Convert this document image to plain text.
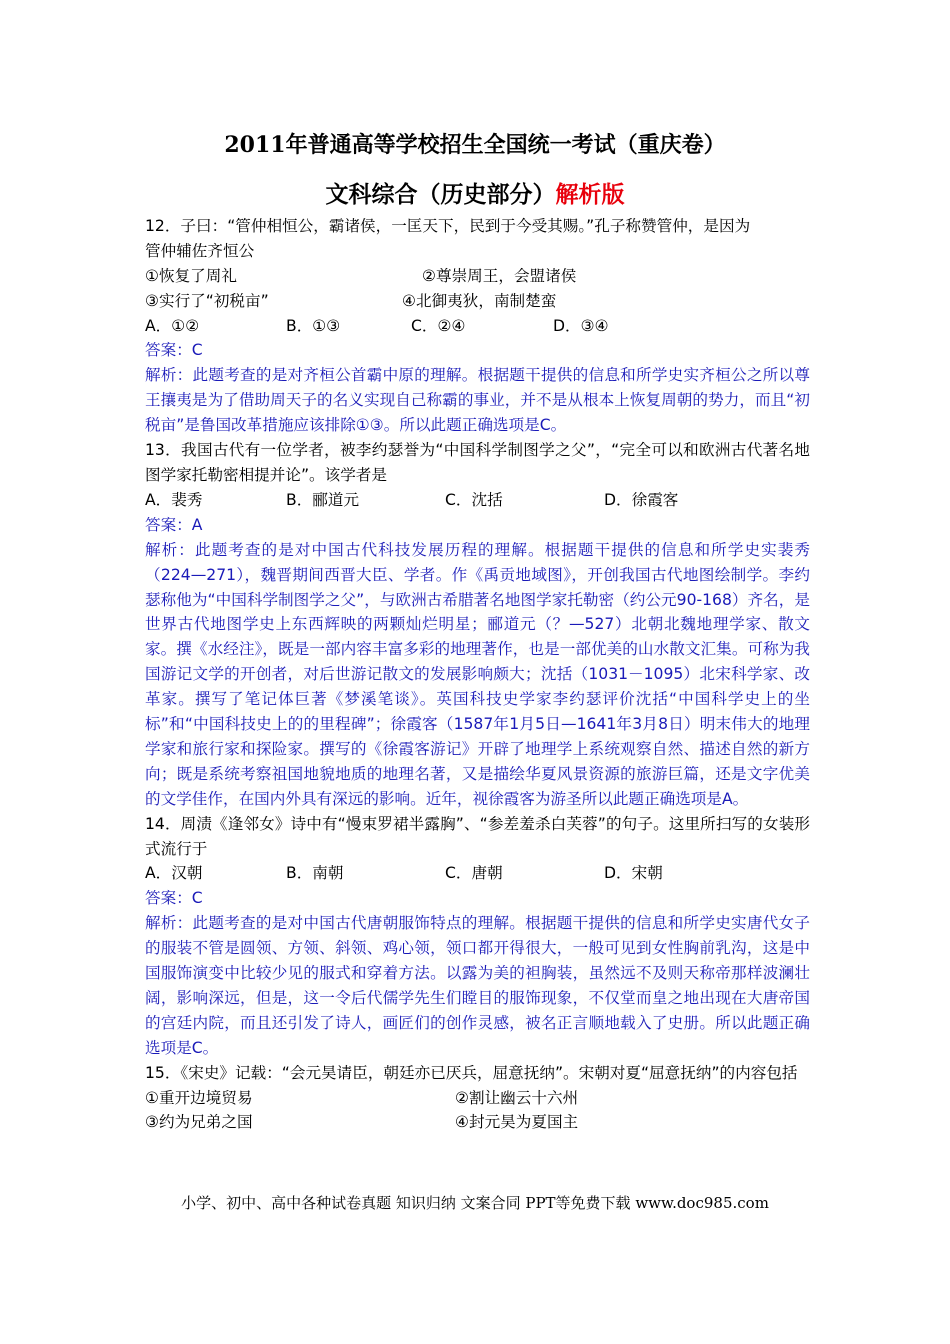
2011年普通高等学校招生全国统一考试（重庆卷）
文科综合（历史部分）解析版
12．子曰：“管仲相恒公，霸诸侯，一匡天下，民到于今受其赐。”孔子称赞管仲，是因为
管仲辅佐齐恒公
①恢复了周礼	②尊崇周王，会盟诸侯
③实行了“初税亩”	④北御夷狄，南制楚蛮
A．①②	B．①③	C．②④	D．③④
答案：C
解析：此题考查的是对齐桓公首霸中原的理解。根据题干提供的信息和所学史实齐桓公之所以尊王攘夷是为了借助周天子的名义实现自己称霸的事业，并不是从根本上恢复周朝的势力，而且“初税亩”是鲁国改革措施应该排除①③。所以此题正确选项是C。
13．我国古代有一位学者，被李约瑟誉为“中国科学制图学之父”，“完全可以和欧洲古代著名地图学家托勒密相提并论”。该学者是
A．裴秀	B．郦道元	C．沈括	D．徐霞客
答案：A
解析：此题考查的是对中国古代科技发展历程的理解。根据题干提供的信息和所学史实裴秀（224—271），魏晋期间西晋大臣、学者。作《禹贡地域图》，开创我国古代地图绘制学。李约瑟称他为“中国科学制图学之父”，与欧洲古希腊著名地图学家托勒密（约公元90-168）齐名，是世界古代地图学史上东西辉映的两颗灿烂明星；郦道元（？—527）北朝北魏地理学家、散文家。撰《水经注》，既是一部内容丰富多彩的地理著作，也是一部优美的山水散文汇集。可称为我国游记文学的开创者，对后世游记散文的发展影响颇大；沈括（1031－1095）北宋科学家、改革家。撰写了笔记体巨著《梦溪笔谈》。英国科技史学家李约瑟评价沈括“中国科学史上的坐标”和“中国科技史上的的里程碑”；徐霞客（1587年1月5日—1641年3月8日）明末伟大的地理学家和旅行家和探险家。撰写的《徐霞客游记》开辟了地理学上系统观察自然、描述自然的新方向；既是系统考察祖国地貌地质的地理名著，又是描绘华夏风景资源的旅游巨篇，还是文字优美的文学佳作，在国内外具有深远的影响。近年，视徐霞客为游圣所以此题正确选项是A。
14．周渍《逢邻女》诗中有“慢束罗裙半露胸”、“参差羞杀白芙蓉”的句子。这里所扫写的女装形式流行于
A．汉朝	B．南朝	C．唐朝	D．宋朝
答案：C
解析：此题考查的是对中国古代唐朝服饰特点的理解。根据题干提供的信息和所学史实唐代女子的服装不管是圆领、方领、斜领、鸡心领，领口都开得很大，一般可见到女性胸前乳沟，这是中国服饰演变中比较少见的服式和穿着方法。以露为美的袒胸装，虽然远不及则天称帝那样波澜壮阔，影响深远，但是，这一令后代儒学先生们瞠目的服饰现象，不仅堂而皇之地出现在大唐帝国的宫廷内院，而且还引发了诗人，画匠们的创作灵感，被名正言顺地载入了史册。所以此题正确选项是C。
15．《宋史》记载：“会元昊请臣，朝廷亦已厌兵，屈意抚纳”。宋朝对夏“屈意抚纳”的内容包括
①重开边境贸易	②割让幽云十六州
③约为兄弟之国	④封元昊为夏国主
小学、初中、高中各种试卷真题 知识归纳 文案合同 PPT等免费下载 www.doc985.com
